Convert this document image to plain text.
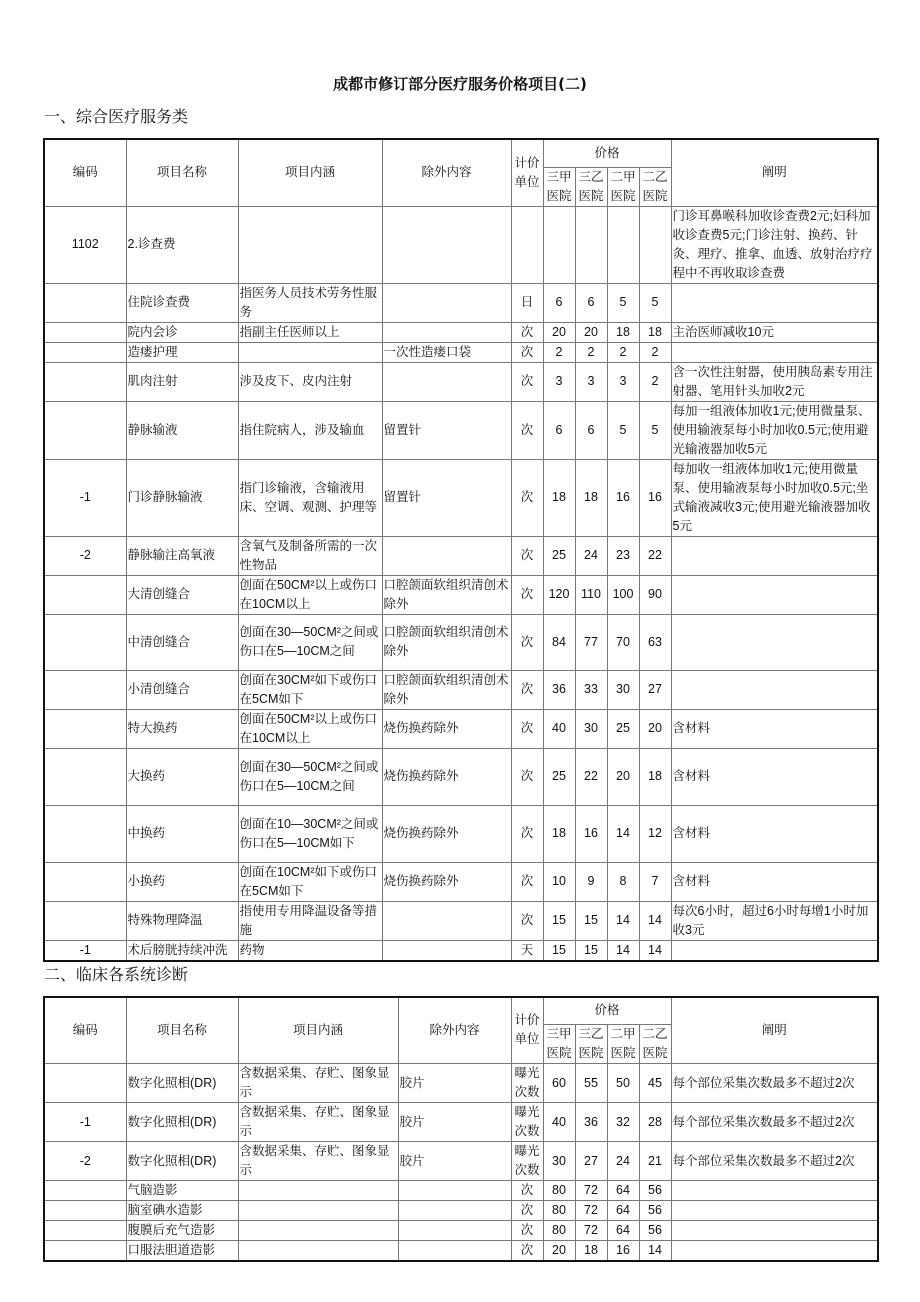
成都市修订部分医疗服务价格项目(二)
一、综合医疗服务类
编码	项目名称	项目内涵	除外内容	计价单位	价格				阐明
					三甲医院	三乙医院	二甲医院	二乙医院	
1102	2.诊查费								门诊耳鼻喉科加收诊查费2元;妇科加收诊查费5元;门诊注射、换药、针灸、理疗、推拿、血透、放射治疗疗程中不再收取诊查费
	住院诊查费	指医务人员技术劳务性服务		日	6	6	5	5	
	院内会诊	指副主任医师以上		次	20	20	18	18	主治医师减收10元
	造瘘护理		一次性造瘘口袋	次	2	2	2	2	
	肌肉注射	涉及皮下、皮内注射		次	3	3	3	2	含一次性注射器，使用胰岛素专用注射器、笔用针头加收2元
	静脉输液	指住院病人，涉及输血	留置针	次	6	6	5	5	每加一组液体加收1元;使用微量泵、使用输液泵每小时加收0.5元;使用避光输液器加收5元
-1	门诊静脉输液	指门诊输液，含输液用床、空调、观测、护理等	留置针	次	18	18	16	16	每加收一组液体加收1元;使用微量泵、使用输液泵每小时加收0.5元;坐式输液减收3元;使用避光输液器加收5元
-2	静脉输注高氧液	含氧气及制备所需的一次性物品		次	25	24	23	22	
	大清创缝合	创面在50CM²以上或伤口在10CM以上	口腔颌面软组织清创术除外	次	120	110	100	90	
	中清创缝合	创面在30—50CM²之间或伤口在5—10CM之间	口腔颌面软组织清创术除外	次	84	77	70	63	
	小清创缝合	创面在30CM²如下或伤口在5CM如下	口腔颌面软组织清创术除外	次	36	33	30	27	
	特大换药	创面在50CM²以上或伤口在10CM以上	烧伤换药除外	次	40	30	25	20	含材料
	大换药	创面在30—50CM²之间或伤口在5—10CM之间	烧伤换药除外	次	25	22	20	18	含材料
	中换药	创面在10—30CM²之间或伤口在5—10CM如下	烧伤换药除外	次	18	16	14	12	含材料
	小换药	创面在10CM²如下或伤口在5CM如下	烧伤换药除外	次	10	9	8	7	含材料
	特殊物理降温	指使用专用降温设备等措施		次	15	15	14	14	每次6小时，超过6小时每增1小时加收3元
-1	术后膀胱持续冲洗	药物		天	15	15	14	14	
二、临床各系统诊断
编码	项目名称	项目内涵	除外内容	计价单位	价格				阐明
					三甲医院	三乙医院	二甲医院	二乙医院	
	数字化照相(DR)	含数据采集、存贮、图象显示	胶片	曝光次数	60	55	50	45	每个部位采集次数最多不超过2次
-1	数字化照相(DR)	含数据采集、存贮、图象显示	胶片	曝光次数	40	36	32	28	每个部位采集次数最多不超过2次
-2	数字化照相(DR)	含数据采集、存贮、图象显示	胶片	曝光次数	30	27	24	21	每个部位采集次数最多不超过2次
	气脑造影			次	80	72	64	56	
	脑室碘水造影			次	80	72	64	56	
	腹膜后充气造影			次	80	72	64	56	
	口服法胆道造影			次	20	18	16	14	
